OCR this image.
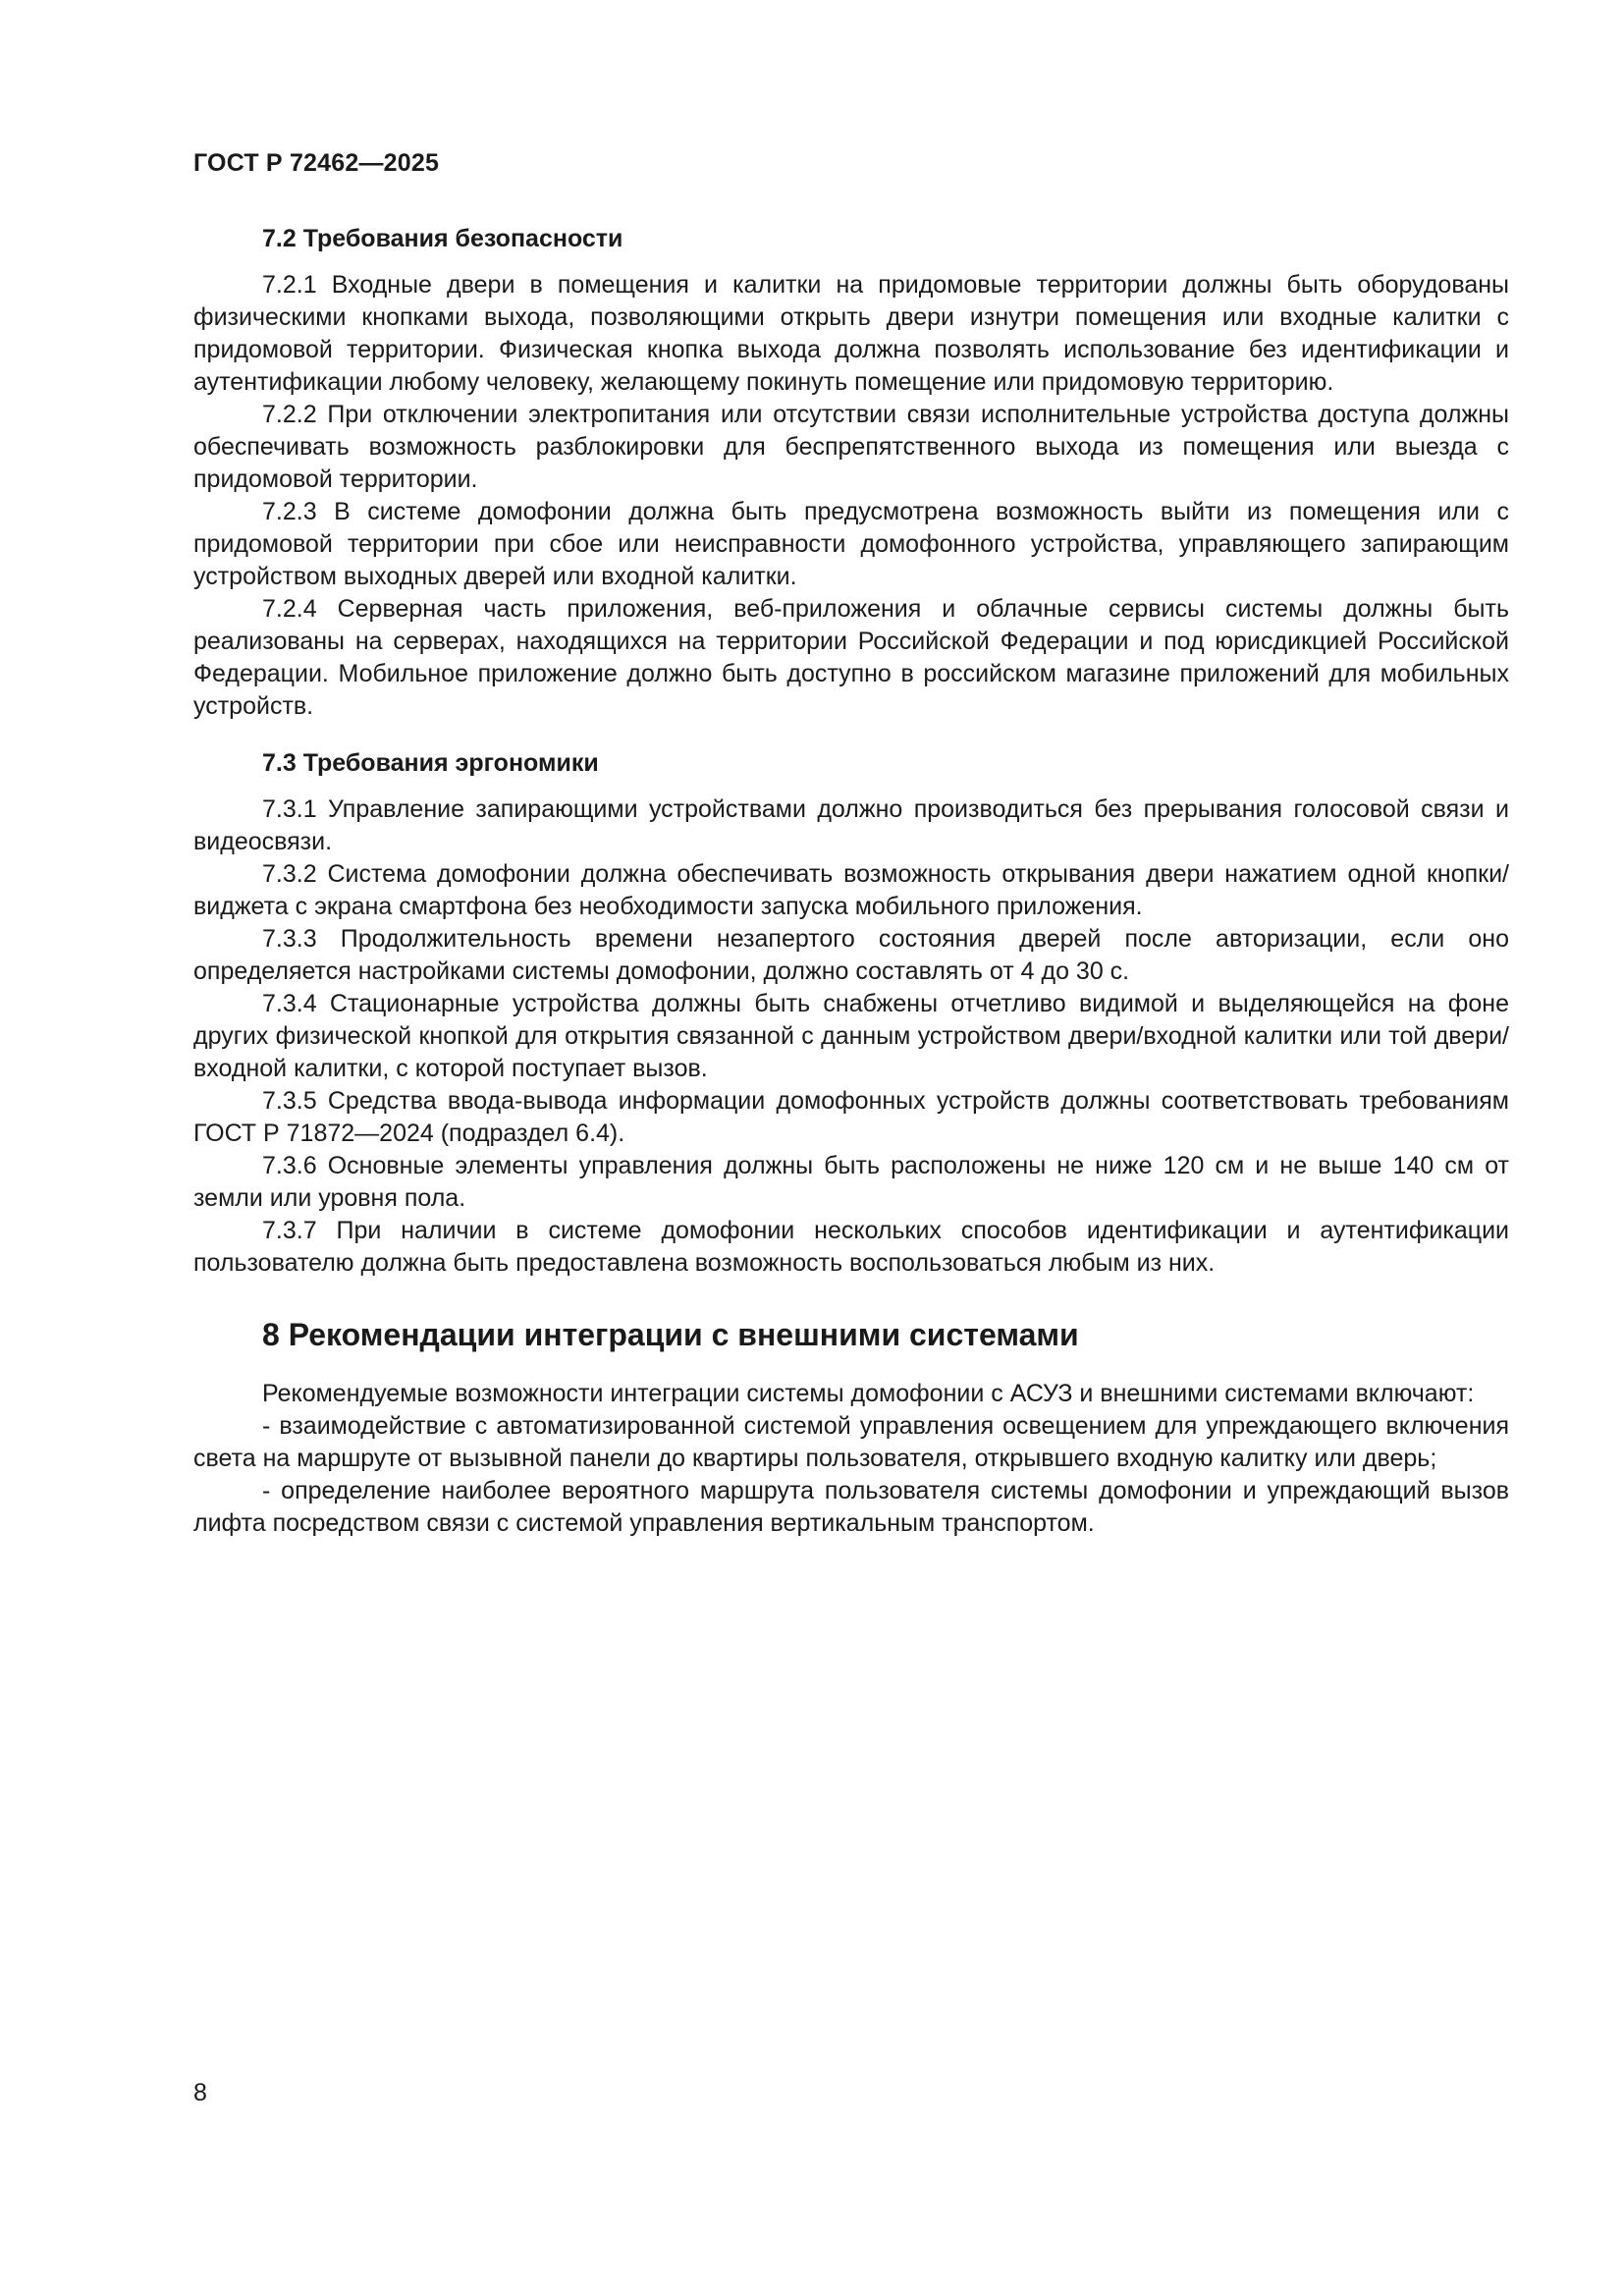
ГОСТ Р 72462—2025
7.2 Требования безопасности

7.2.1 Входные двери в помещения и калитки на придомовые территории должны быть оборудованы физическими кнопками выхода, позволяющими открыть двери изнутри помещения или входные калитки с придомовой территории. Физическая кнопка выхода должна позволять использование без идентификации и аутентификации любому человеку, желающему покинуть помещение или придомовую территорию.

7.2.2 При отключении электропитания или отсутствии связи исполнительные устройства доступа должны обеспечивать возможность разблокировки для беспрепятственного выхода из помещения или выезда с придомовой территории.

7.2.3 В системе домофонии должна быть предусмотрена возможность выйти из помещения или с придомовой территории при сбое или неисправности домофонного устройства, управляющего запирающим устройством выходных дверей или входной калитки.

7.2.4 Серверная часть приложения, веб-приложения и облачные сервисы системы должны быть реализованы на серверах, находящихся на территории Российской Федерации и под юрисдикцией Российской Федерации. Мобильное приложение должно быть доступно в российском магазине приложений для мобильных устройств.

7.3 Требования эргономики

7.3.1 Управление запирающими устройствами должно производиться без прерывания голосовой связи и видеосвязи.

7.3.2 Система домофонии должна обеспечивать возможность открывания двери нажатием одной кнопки/виджета с экрана смартфона без необходимости запуска мобильного приложения.

7.3.3 Продолжительность времени незапертого состояния дверей после авторизации, если оно определяется настройками системы домофонии, должно составлять от 4 до 30 с.

7.3.4 Стационарные устройства должны быть снабжены отчетливо видимой и выделяющейся на фоне других физической кнопкой для открытия связанной с данным устройством двери/входной калитки или той двери/входной калитки, с которой поступает вызов.

7.3.5 Средства ввода-вывода информации домофонных устройств должны соответствовать требованиям ГОСТ Р 71872—2024 (подраздел 6.4).

7.3.6 Основные элементы управления должны быть расположены не ниже 120 см и не выше 140 см от земли или уровня пола.

7.3.7 При наличии в системе домофонии нескольких способов идентификации и аутентификации пользователю должна быть предоставлена возможность воспользоваться любым из них.

8 Рекомендации интеграции с внешними системами

Рекомендуемые возможности интеграции системы домофонии с АСУЗ и внешними системами включают:

- взаимодействие с автоматизированной системой управления освещением для упреждающего включения света на маршруте от вызывной панели до квартиры пользователя, открывшего входную калитку или дверь;

- определение наиболее вероятного маршрута пользователя системы домофонии и упреждающий вызов лифта посредством связи с системой управления вертикальным транспортом.

8
